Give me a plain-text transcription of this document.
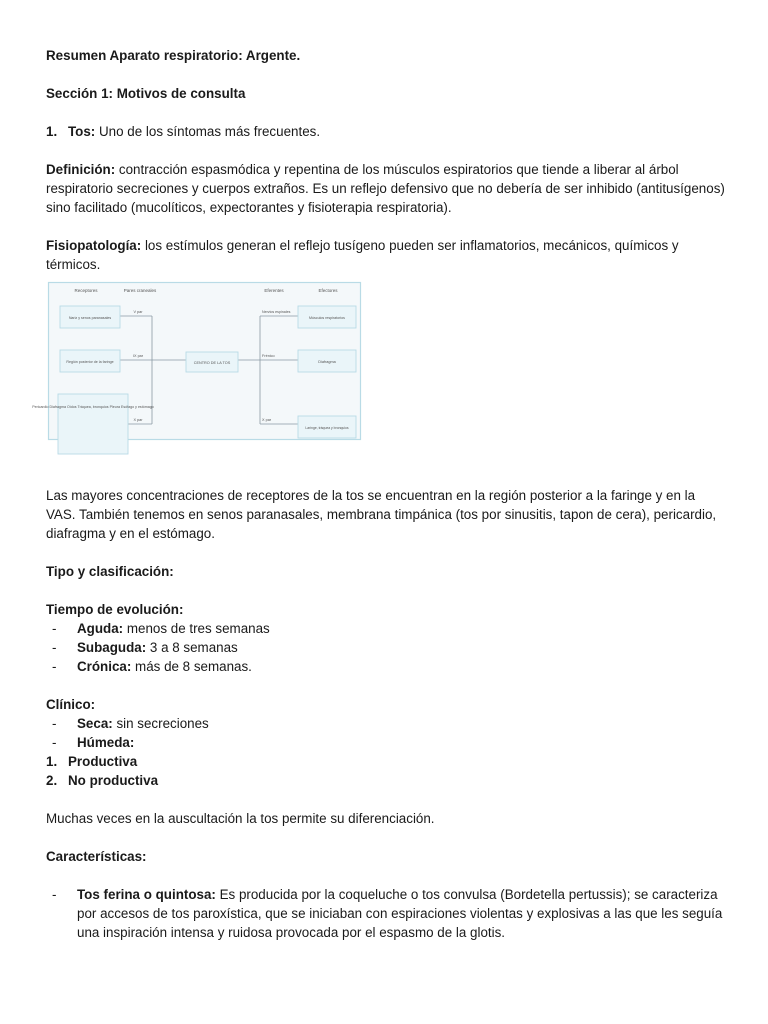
Resumen Aparato respiratorio: Argente.

Sección 1: Motivos de consulta

1. Tos: Uno de los síntomas más frecuentes.

Definición: contracción espasmódica y repentina de los músculos espiratorios que tiende a liberar al árbol respiratorio secreciones y cuerpos extraños. Es un reflejo defensivo que no debería de ser inhibido (antitusígenos) sino facilitado (mucolíticos, expectorantes y fisioterapia respiratoria).

Fisiopatología: los estímulos generan el reflejo tusígeno pueden ser inflamatorios, mecánicos, químicos y térmicos.

Receptores	Pares craneales	Eferentes	Efectores
Nariz y senos paranasales
Región posterior de la faringe
Pericardio Diafragma Oídos Tráquea, bronquios Pleura Esófago y estómago
V par
IX par
X par
CENTRO DE LA TOS
Nervios espinales
Frénico
X par
Músculos respiratorios
Diafragma
Laringe, tráquea y bronquios

Las mayores concentraciones de receptores de la tos se encuentran en la región posterior a la faringe y en la VAS. También tenemos en senos paranasales, membrana timpánica (tos por sinusitis, tapon de cera), pericardio, diafragma y en el estómago.

Tipo y clasificación:

Tiempo de evolución:

- Aguda: menos de tres semanas

- Subaguda: 3 a 8 semanas

- Crónica: más de 8 semanas.

Clínico:

- Seca: sin secreciones

- Húmeda:

1. Productiva

2. No productiva

Muchas veces en la auscultación la tos permite su diferenciación.

Características:

- Tos ferina o quintosa: Es producida por la coqueluche o tos convulsa (Bordetella pertussis); se caracteriza por accesos de tos paroxística, que se iniciaban con espiraciones violentas y explosivas a las que les seguía una inspiración intensa y ruidosa provocada por el espasmo de la glotis.
